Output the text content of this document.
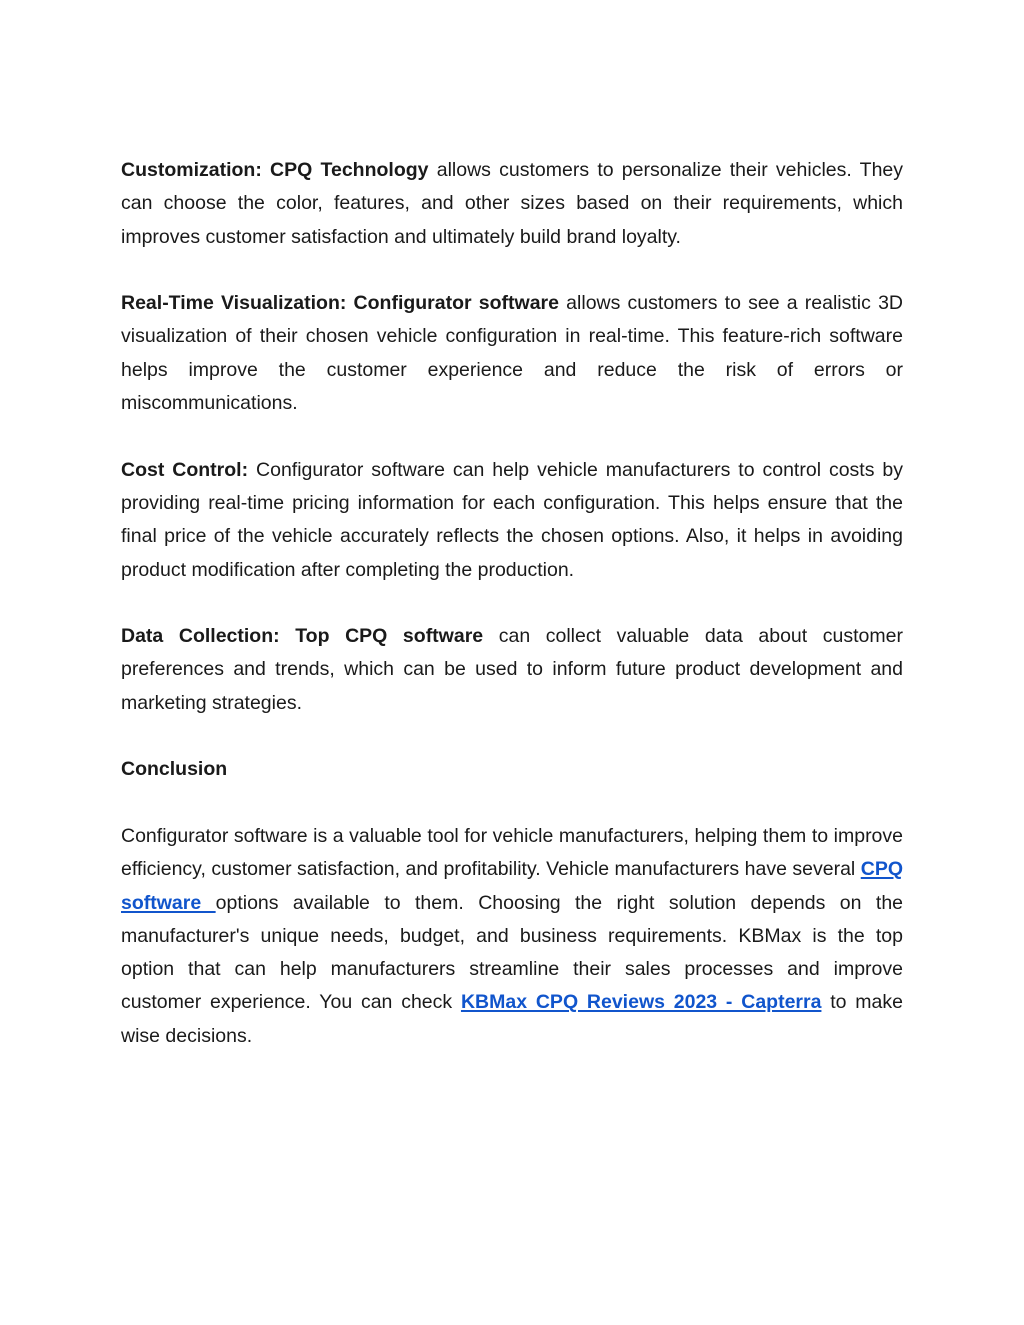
Customization: CPQ Technology allows customers to personalize their vehicles. They can choose the color, features, and other sizes based on their requirements, which improves customer satisfaction and ultimately build brand loyalty.

Real-Time Visualization: Configurator software allows customers to see a realistic 3D visualization of their chosen vehicle configuration in real-time. This feature-rich software helps improve the customer experience and reduce the risk of errors or miscommunications.

Cost Control: Configurator software can help vehicle manufacturers to control costs by providing real-time pricing information for each configuration. This helps ensure that the final price of the vehicle accurately reflects the chosen options. Also, it helps in avoiding product modification after completing the production.

Data Collection: Top CPQ software can collect valuable data about customer preferences and trends, which can be used to inform future product development and marketing strategies.

Conclusion

Configurator software is a valuable tool for vehicle manufacturers, helping them to improve efficiency, customer satisfaction, and profitability. Vehicle manufacturers have several CPQ software options available to them. Choosing the right solution depends on the manufacturer's unique needs, budget, and business requirements. KBMax is the top option that can help manufacturers streamline their sales processes and improve customer experience. You can check KBMax CPQ Reviews 2023 - Capterra to make wise decisions.
